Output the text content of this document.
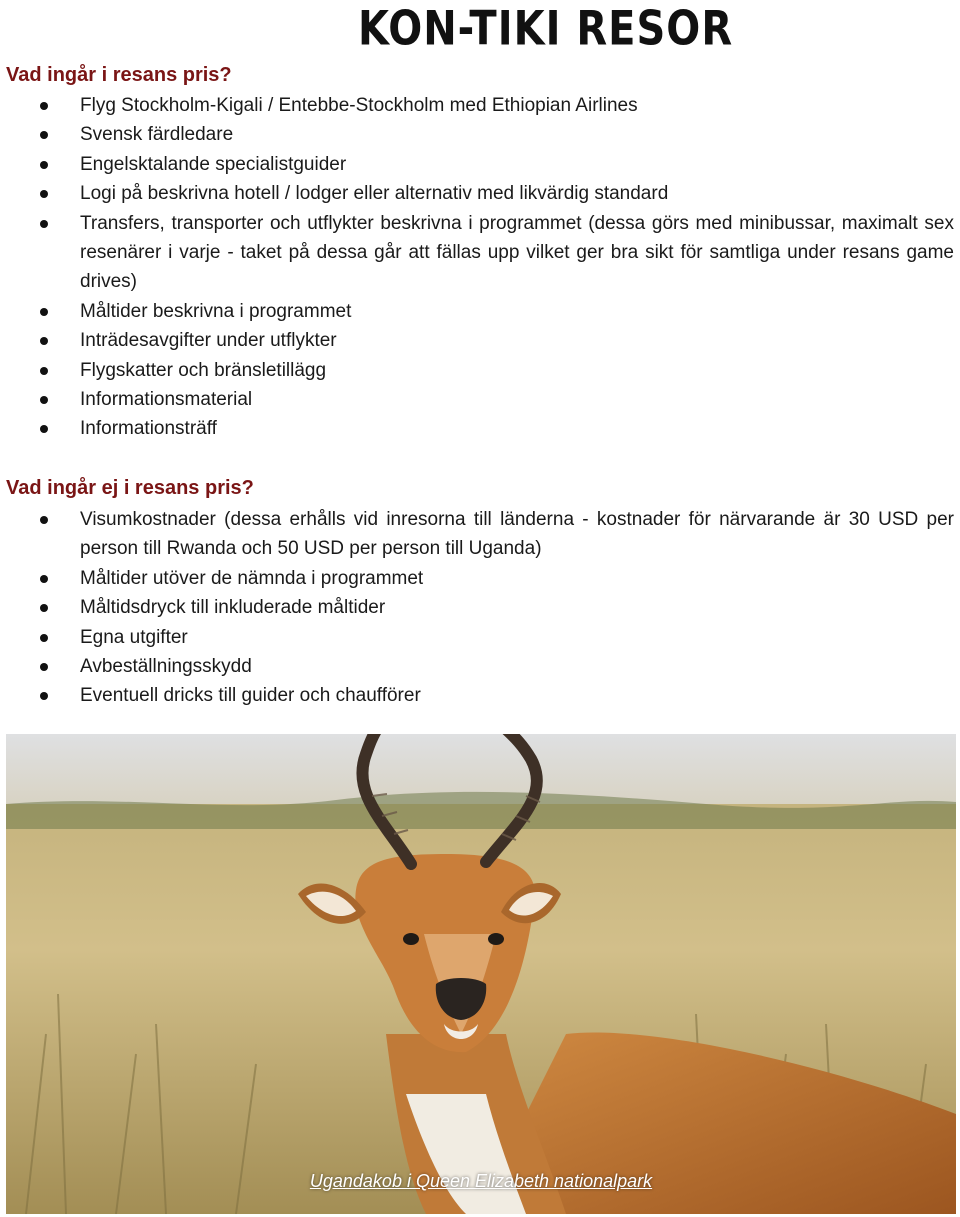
KON-TIKI RESOR
Vad ingår i resans pris?
Flyg Stockholm-Kigali / Entebbe-Stockholm med Ethiopian Airlines
Svensk färdledare
Engelsktalande specialistguider
Logi på beskrivna hotell / lodger eller alternativ med likvärdig standard
Transfers, transporter och utflykter beskrivna i programmet (dessa görs med minibussar, maximalt sex resenärer i varje - taket på dessa går att fällas upp vilket ger bra sikt för samtliga under resans game drives)
Måltider beskrivna i programmet
Inträdesavgifter under utflykter
Flygskatter och bränsletillägg
Informationsmaterial
Informationsträff
Vad ingår ej i resans pris?
Visumkostnader (dessa erhålls vid inresorna till länderna - kostnader för närvarande är 30 USD per person till Rwanda och 50 USD per person till Uganda)
Måltider utöver de nämnda i programmet
Måltidsdryck till inkluderade måltider
Egna utgifter
Avbeställningsskydd
Eventuell dricks till guider och chaufförer
Ugandakob i Queen Elizabeth nationalpark
